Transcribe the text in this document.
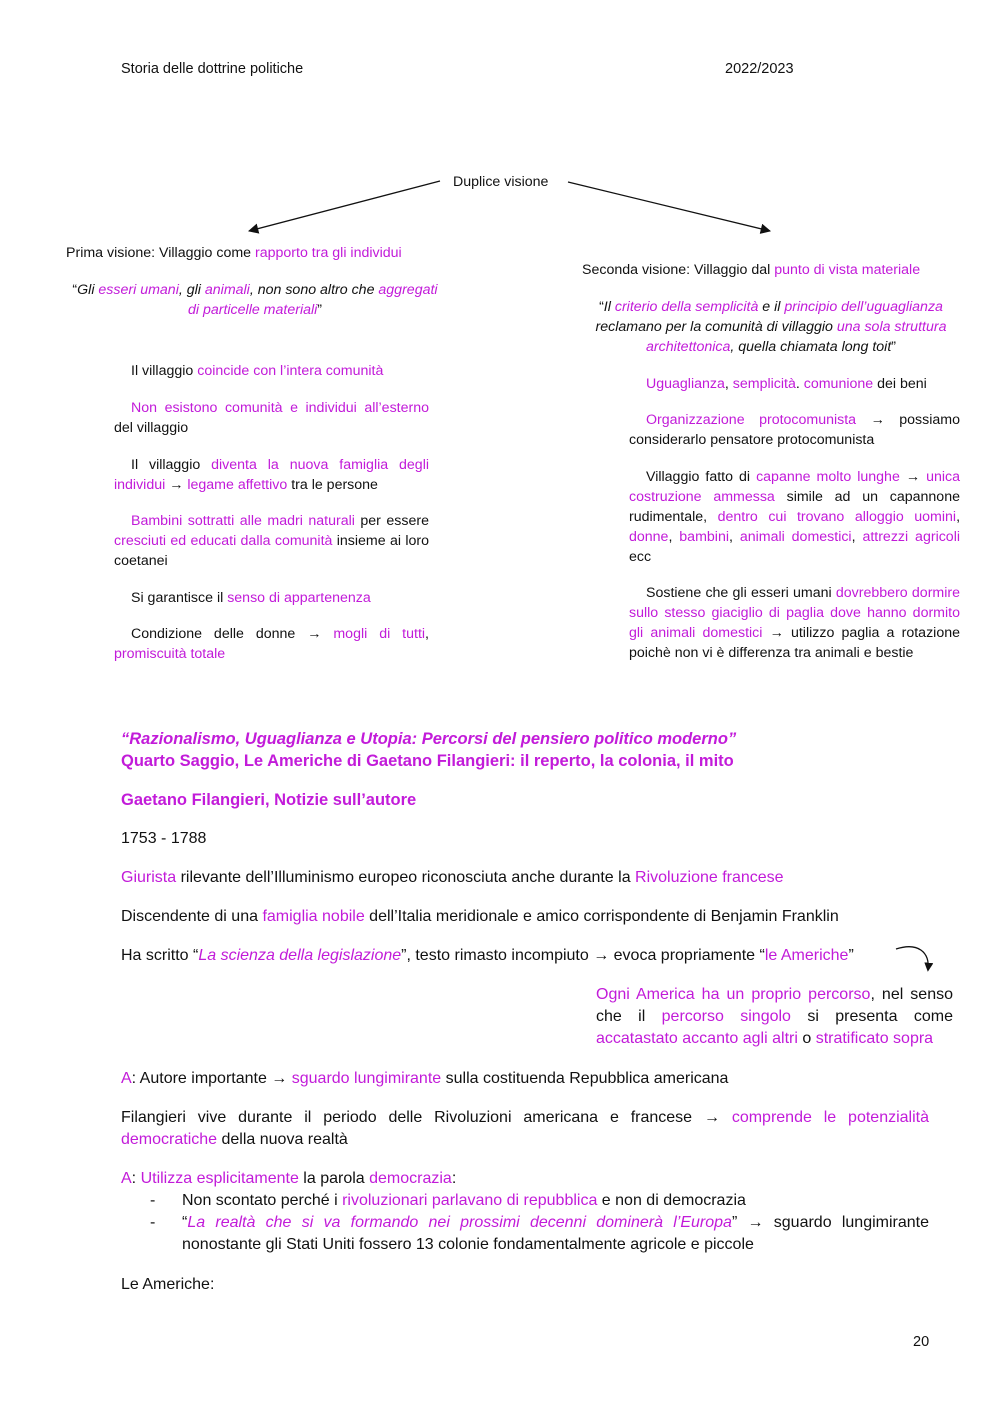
Storia delle dottrine politiche	2022/2023
Duplice visione
Prima visione: Villaggio come rapporto tra gli individui
“Gli esseri umani, gli animali, non sono altro che aggregati di particelle materiali”
Il villaggio coincide con l’intera comunità
Non esistono comunità e individui all’esterno del villaggio
Il villaggio diventa la nuova famiglia degli individui → legame affettivo tra le persone
Bambini sottratti alle madri naturali per essere cresciuti ed educati dalla comunità insieme ai loro coetanei
Si garantisce il senso di appartenenza
Condizione delle donne → mogli di tutti, promiscuità totale
Seconda visione: Villaggio dal punto di vista materiale
“Il criterio della semplicità e il principio dell’uguaglianza reclamano per la comunità di villaggio una sola struttura architettonica, quella chiamata long toit”
Uguaglianza, semplicità. comunione dei beni
Organizzazione protocomunista → possiamo considerarlo pensatore protocomunista
Villaggio fatto di capanne molto lunghe → unica costruzione ammessa simile ad un capannone rudimentale, dentro cui trovano alloggio uomini, donne, bambini, animali domestici, attrezzi agricoli ecc
Sostiene che gli esseri umani dovrebbero dormire sullo stesso giaciglio di paglia dove hanno dormito gli animali domestici → utilizzo paglia a rotazione poichè non vi è differenza tra animali e bestie
“Razionalismo, Uguaglianza e Utopia: Percorsi del pensiero politico moderno”
Quarto Saggio, Le Americhe di Gaetano Filangieri: il reperto, la colonia, il mito
Gaetano Filangieri, Notizie sull’autore
1753 - 1788
Giurista rilevante dell’Illuminismo europeo riconosciuta anche durante la Rivoluzione francese
Discendente di una famiglia nobile dell’Italia meridionale e amico corrispondente di Benjamin Franklin
Ha scritto “La scienza della legislazione”, testo rimasto incompiuto → evoca propriamente “le Americhe”
Ogni America ha un proprio percorso, nel senso che il percorso singolo si presenta come accatastato accanto agli altri o stratificato sopra
A: Autore importante → sguardo lungimirante sulla costituenda Repubblica americana
Filangieri vive durante il periodo delle Rivoluzioni americana e francese → comprende le potenzialità democratiche della nuova realtà
A: Utilizza esplicitamente la parola democrazia:
- Non scontato perché i rivoluzionari parlavano di repubblica e non di democrazia
- “La realtà che si va formando nei prossimi decenni dominerà l’Europa” → sguardo lungimirante nonostante gli Stati Uniti fossero 13 colonie fondamentalmente agricole e piccole
Le Americhe:
20
